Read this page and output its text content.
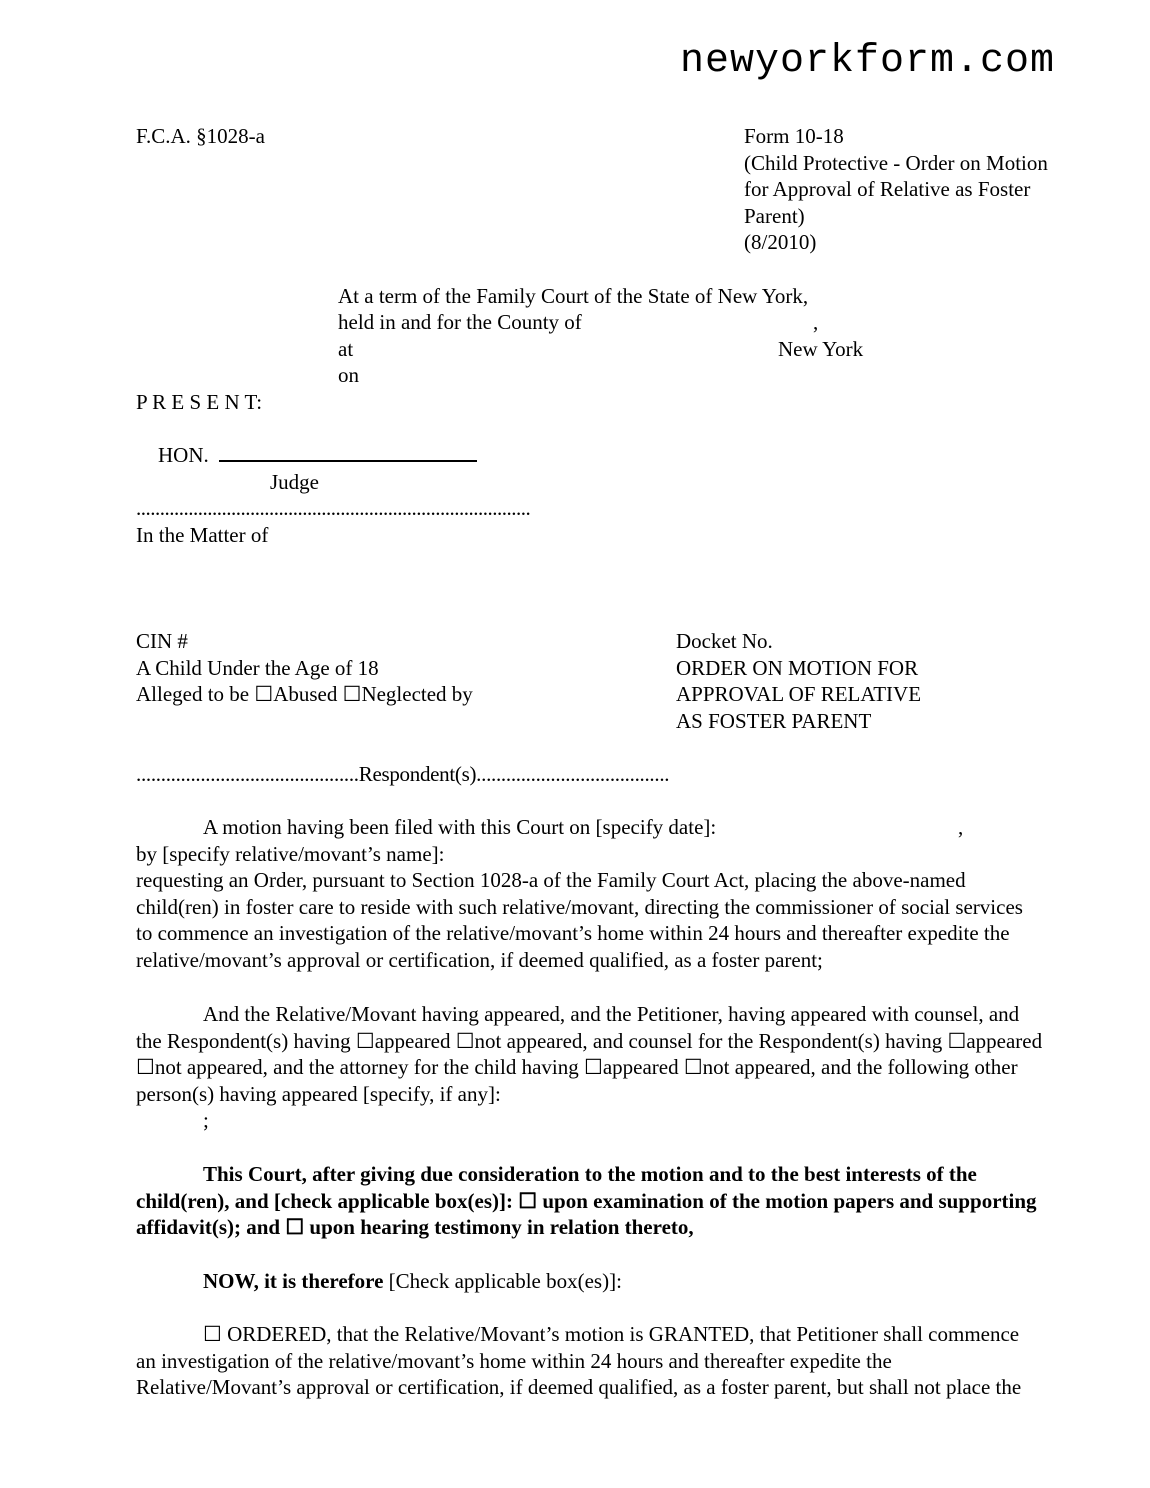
newyorkform.com
F.C.A. §1028-a	Form 10-18
(Child Protective - Order on Motion
for Approval of Relative as Foster
Parent)
(8/2010)
At a term of the Family Court of the State of New York,
held in and for the County of	,
at	New York
on
P R E S E N T:
HON.
Judge
...................................................................................
In the Matter of
CIN #
A Child Under the Age of 18
Alleged to be ☐Abused ☐Neglected by
Docket No.
ORDER ON MOTION FOR
APPROVAL OF RELATIVE
AS FOSTER PARENT
.............................................Respondent(s).......................................
A motion having been filed with this Court on [specify date]:	,
by [specify relative/movant’s name]:
requesting an Order, pursuant to Section 1028-a of the Family Court Act, placing the above-named
child(ren) in foster care to reside with such relative/movant, directing the commissioner of social services
to commence an investigation of the relative/movant’s home within 24 hours and thereafter expedite the
relative/movant’s approval or certification, if deemed qualified, as a foster parent;
And the Relative/Movant having appeared, and the Petitioner, having appeared with counsel, and
the Respondent(s) having ☐appeared ☐not appeared, and counsel for the Respondent(s) having ☐appeared
☐not appeared, and the attorney for the child having ☐appeared ☐not appeared, and the following other
person(s) having appeared [specify, if any]:
;
This Court, after giving due consideration to the motion and to the best interests of the
child(ren), and [check applicable box(es)]: ☐ upon examination of the motion papers and supporting
affidavit(s); and ☐ upon hearing testimony in relation thereto,
NOW, it is therefore [Check applicable box(es)]:
☐ ORDERED, that the Relative/Movant’s motion is GRANTED, that Petitioner shall commence
an investigation of the relative/movant’s home within 24 hours and thereafter expedite the
Relative/Movant’s approval or certification, if deemed qualified, as a foster parent, but shall not place the
